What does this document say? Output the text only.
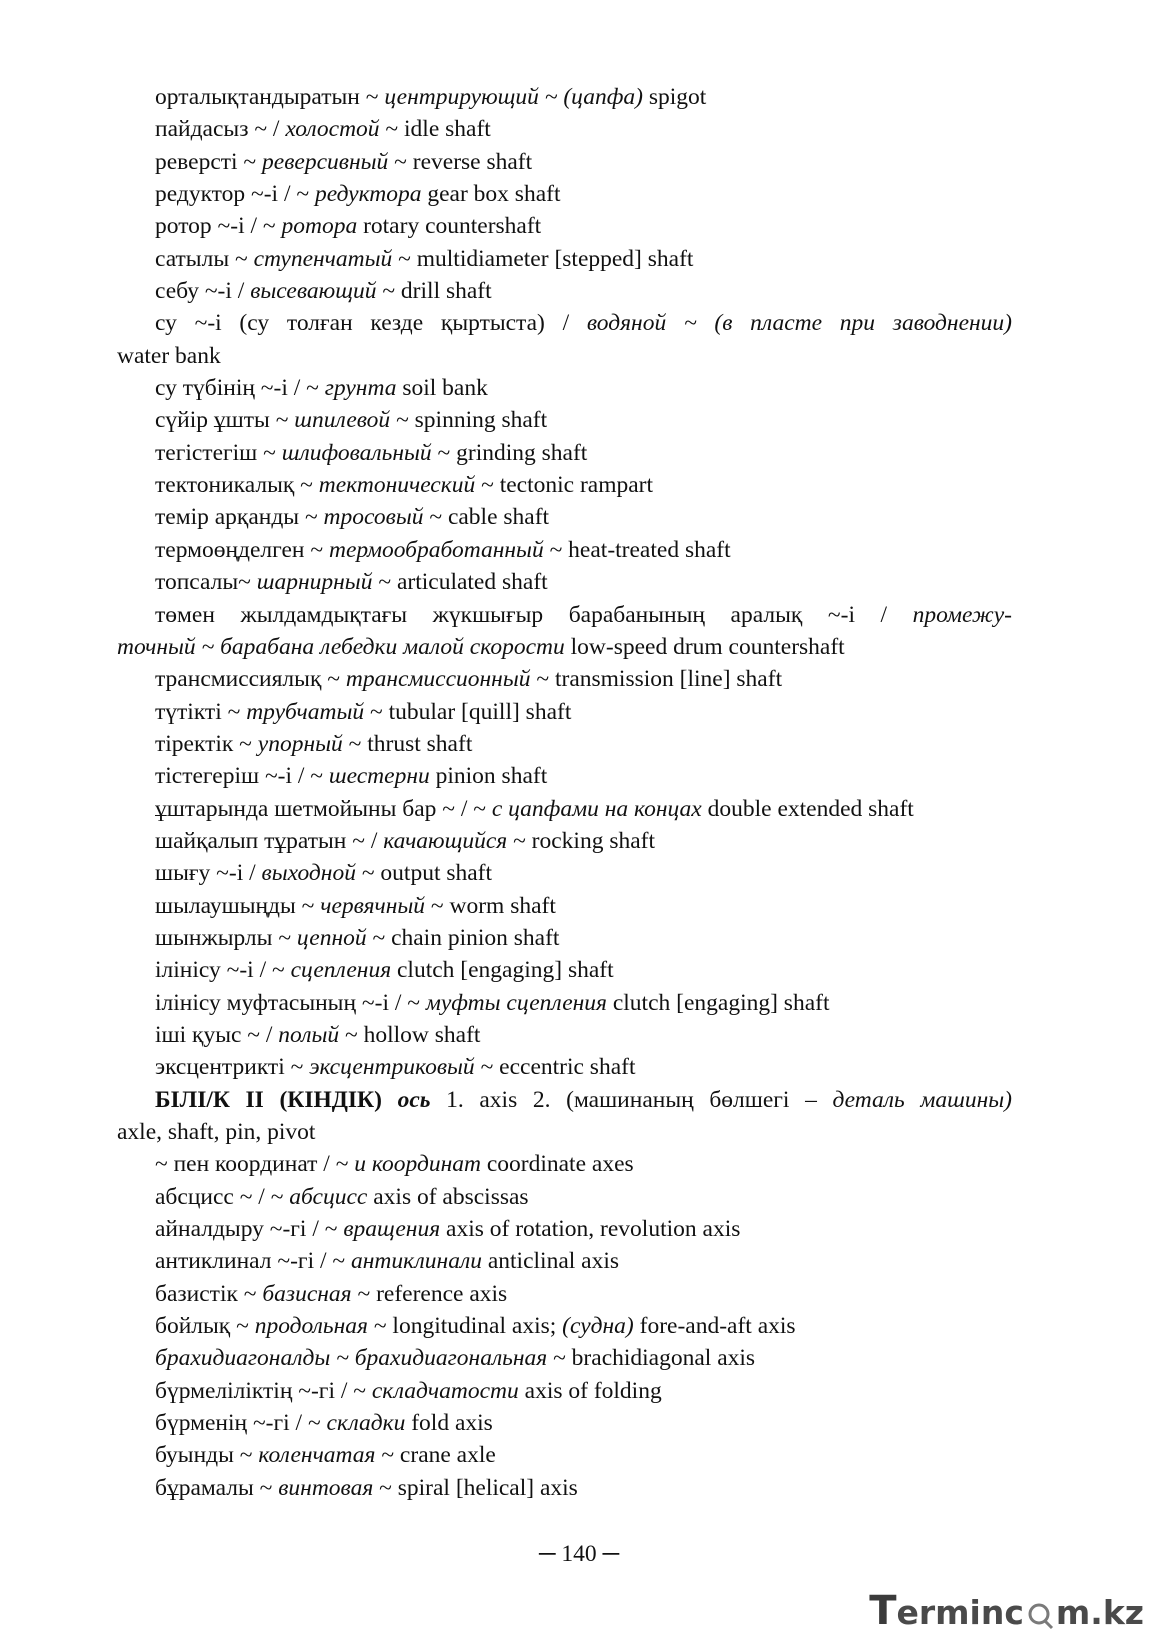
орталықтандыратын ~ центрирующий ~ (цапфа) spigot
пайдасыз ~ / холостой ~ idle shaft
реверсті ~ реверсивный ~ reverse shaft
редуктор ~-і / ~ редуктора gear box shaft
ротор ~-і / ~ ротора rotary countershaft
сатылы ~ ступенчатый ~ multidiameter [stepped] shaft
себу ~-і / высевающий ~ drill shaft
су ~-і (су толған кезде қыртыста) / водяной ~ (в пласте при заводнении)
water bank
су түбінің ~-і / ~ грунта soil bank
сүйір ұшты ~ шпилевой ~ spinning shaft
тегістегіш ~ шлифовальный ~ grinding shaft
тектоникалық ~ тектонический ~ tectonic rampart
темір арқанды ~ тросовый ~ cable shaft
термоөңделген ~ термообработанный ~ heat-treated shaft
топсалы~ шарнирный ~ articulated shaft
төмен жылдамдықтағы жүкшығыр барабанының аралық ~-і / промежу-
точный ~ барабана лебедки малой скорости low-speed drum countershaft
трансмиссиялық ~ трансмиссионный ~ transmission [line] shaft
түтікті ~ трубчатый ~ tubular [quill] shaft
тіректік ~ упорный ~ thrust shaft
тістегеріш ~-і / ~ шестерни pinion shaft
ұштарында шетмойыны бар ~ / ~ с цапфами на концах double extended shaft
шайқалып тұратын ~ / качающийся ~ rocking shaft
шығу ~-і / выходной ~ output shaft
шылаушыңды ~ червячный ~ worm shaft
шынжырлы ~ цепной ~ chain pinion shaft
ілінісу ~-і / ~ сцепления clutch [engaging] shaft
ілінісу муфтасының ~-і / ~ муфты сцепления clutch [engaging] shaft
іші қуыс ~ / полый ~ hollow shaft
эксцентрикті ~ эксцентриковый ~ eccentric shaft
БІЛІ/К ІІ (КІНДІК) ось 1. axis 2. (машинаның бөлшегі – деталь машины)
axle, shaft, pin, pivot
~ пен координат / ~ и координат coordinate axes
абсцисс ~ / ~ абсцисс axis of abscissas
айналдыру ~-гі / ~ вращения axis of rotation, revolution axis
антиклинал ~-гі / ~ антиклинали anticlinal axis
базистік ~ базисная ~ reference axis
бойлық ~ продольная ~ longitudinal axis; (судна) fore-and-aft axis
брахидиагоналды ~ брахидиагональная ~ brachidiagonal axis
бүрмеліліктің ~-гі / ~ складчатости axis of folding
бүрменің ~-гі / ~ складки fold axis
буынды ~ коленчатая ~ crane axle
бұрамалы ~ винтовая ~ spiral [helical] axis
─ 140 ─
T erminc m.kz
